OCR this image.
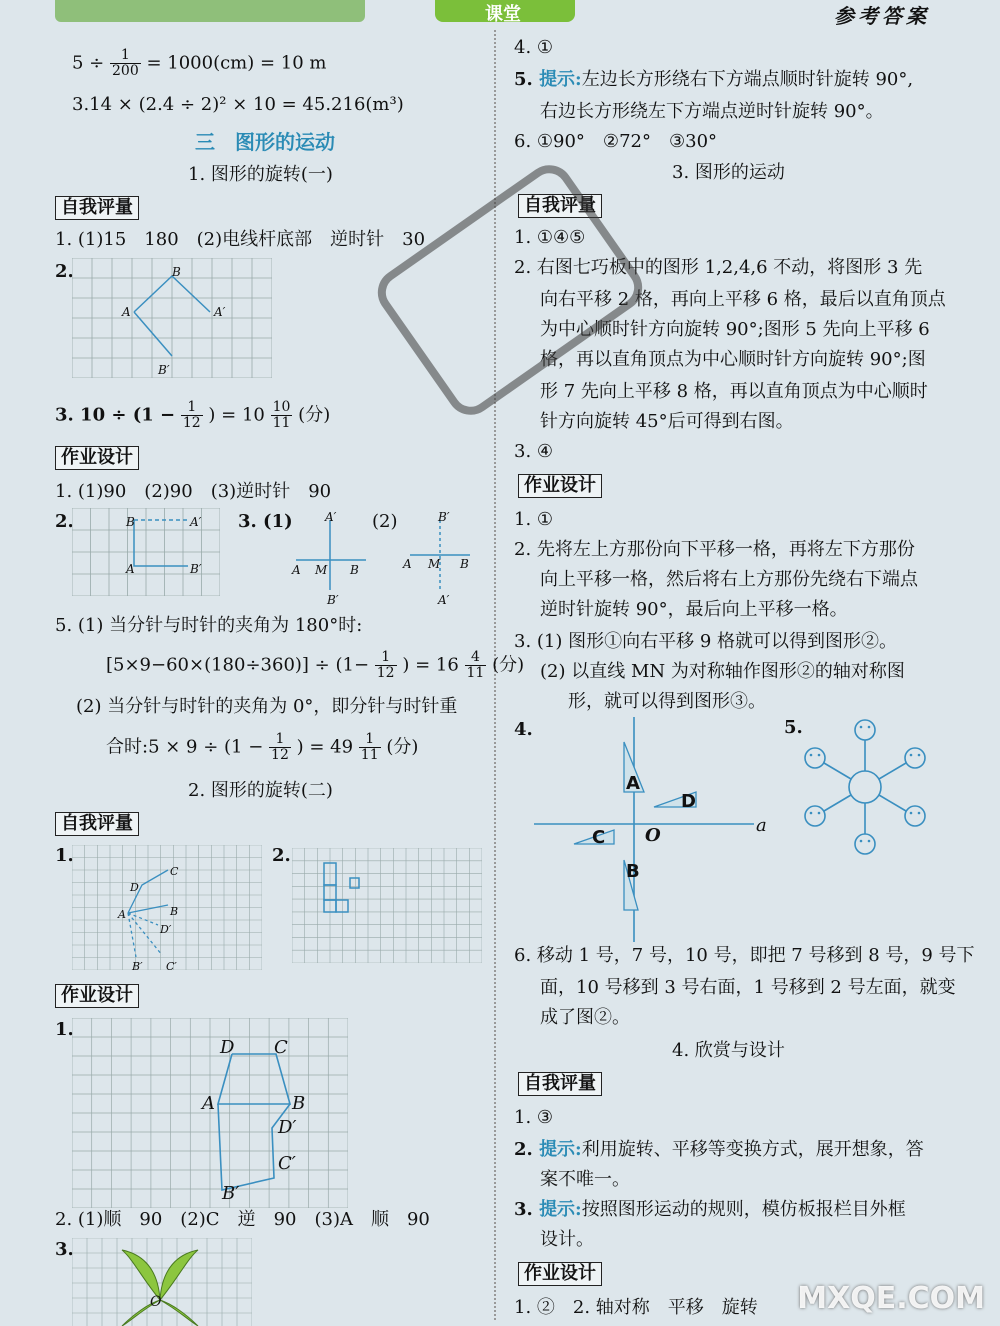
课堂	参考答案
$5 \div \frac{1}{200} = 1000(cm) = 10$ m
3.14 × (2.4 ÷ 2)² × 10 = 45.216(m³)
三　图形的运动
1. 图形的旋转(一)
自我评量
1. (1)15　180　(2)电线杆底部　逆时针　30
2.	B
A	A′
B′
3. $10 \div (1 - \frac{1}{12}$ ) = $10 \frac{10}{11}$ (分)
作业设计
1. (1)90　(2)90　(3)逆时针　90
2.	B	A′
A	B′
3. (1)	(2)
A′
A M B
B′
B′
A M B
A′
5. (1) 当分针与时针的夹角为 180°时:
$[5\times 9-60\times(180\div 360)] \div (1- \frac{1}{12}$ ) = $16 \frac{4}{11}$ (分)
(2) 当分针与时针的夹角为 0°，即分针与时针重
合时:5 × $9 \div (1 - \frac{1}{12}$ ) = $49 \frac{1}{11}$ (分)
2. 图形的旋转(二)
自我评量
1.
C
D
B
A
D′
B′ C′
2.
作业设计
1.
D C
A	B
D′
C′
B′
2. (1)顺　90　(2)C　逆　90　(3)A　顺　90
3.
O
4. ①
5. 提示:左边长方形绕右下方端点顺时针旋转 90°,
右边长方形绕左下方端点逆时针旋转 90°。
6. ①90°　②72°　③30°
3. 图形的运动
自我评量
1. ①④⑤
2. 右图七巧板中的图形 1,2,4,6 不动，将图形 3 先
向右平移 2 格，再向上平移 6 格，最后以直角顶点
为中心顺时针方向旋转 90°;图形 5 先向上平移 6
格，再以直角顶点为中心顺时针方向旋转 90°;图
形 7 先向上平移 8 格，再以直角顶点为中心顺时
针方向旋转 45°后可得到右图。
3. ④
作业设计
1. ①
2. 先将左上方那份向下平移一格，再将左下方那份
向上平移一格，然后将右上方那份先绕右下端点
逆时针旋转 90°，最后向上平移一格。
3. (1) 图形①向右平移 9 格就可以得到图形②。
(2) 以直线 MN 为对称轴作图形②的轴对称图
形，就可以得到图形③。
4.
A
D
C O	a
B
5.
6. 移动 1 号，7 号，10 号，即把 7 号移到 8 号，9 号下
面，10 号移到 3 号右面，1 号移到 2 号左面，就变
成了图②。
4. 欣赏与设计
自我评量
1. ③
2. 提示:利用旋转、平移等变换方式，展开想象，答
案不唯一。
3. 提示:按照图形运动的规则，模仿板报栏目外框
设计。
作业设计
1. ②　2. 轴对称　平移　旋转 MXQE.COM
